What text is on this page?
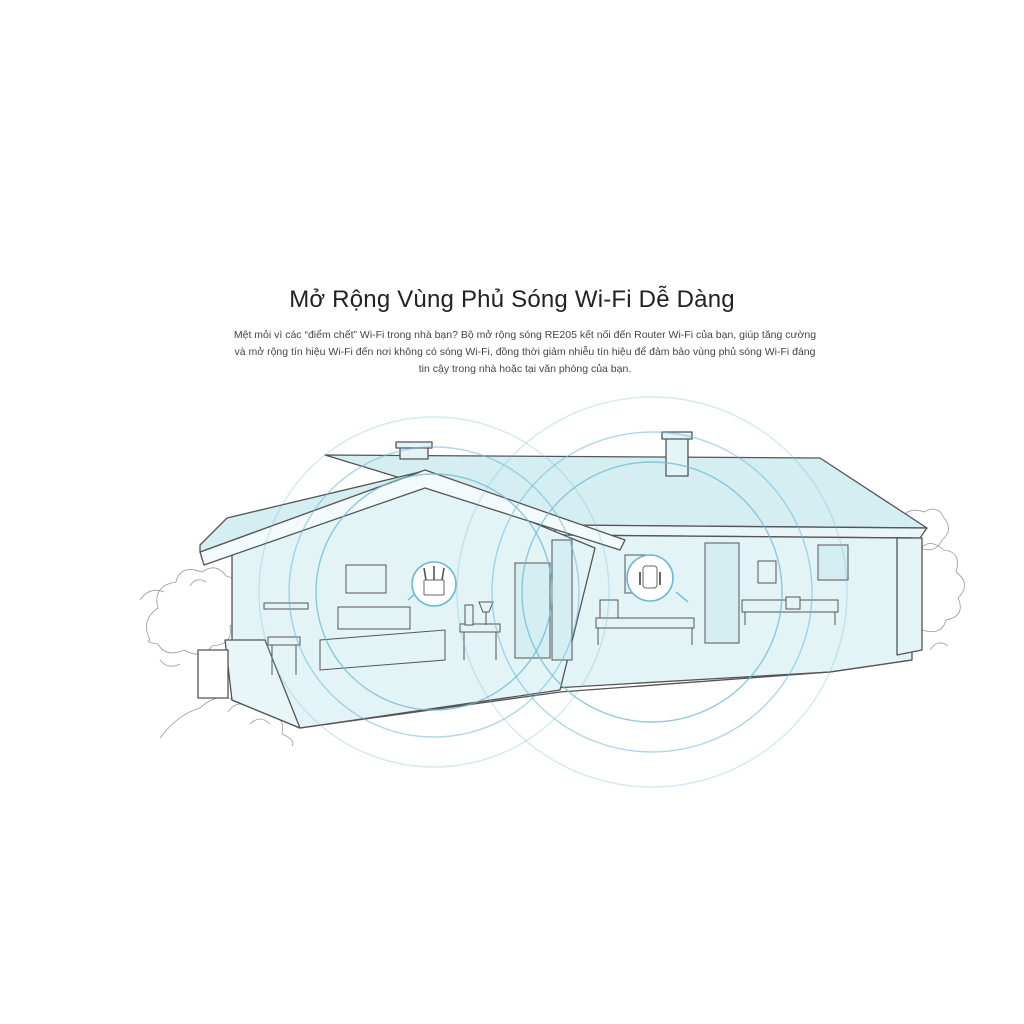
Mở Rộng Vùng Phủ Sóng Wi-Fi Dễ Dàng

Mệt mỏi vì các “điểm chết” Wi-Fi trong nhà bạn? Bộ mở rộng sóng RE205 kết nối đến Router Wi-Fi của bạn, giúp tăng cường và mở rộng tín hiệu Wi-Fi đến nơi không có sóng Wi-Fi, đồng thời giảm nhiễu tín hiệu để đảm bảo vùng phủ sóng Wi-Fi đáng tin cậy trong nhà hoặc tại văn phòng của bạn.
